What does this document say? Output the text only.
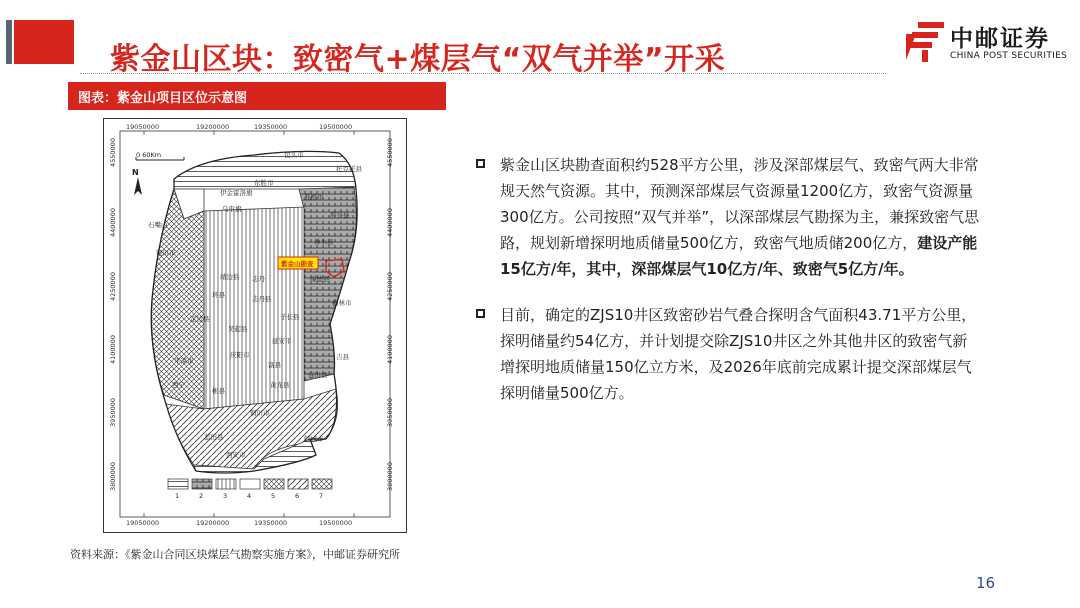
紫金山区块：致密气+煤层气“双气并举”开采
中邮证券
CHINA POST SECURITIES
图表：紫金山项目区位示意图
19050000	19200000	19350000	19500000
19050000	19200000	19350000	19500000
4550000
4400000
4250000
4100000
3950000
3800000
4550000
4400000
4250000
4100000
3950000
3800000
0 60Km
N
紫金山勘查
包头市
托克托县
伊金霍洛旗
东胜市
乌审旗
准格尔
府谷县
神木县
榆林市
绥德县
子长县
延安市
富县
宜川县
吉县
韩城市
黄龙县
铜川市
彬县
西宁
西安市
蓝田县
定边县
吴起县
庆阳市
平凉市
环县
银川市
靖边县
志丹县
志丹
石嘴山
1	2	3	4	5	6	7
紫金山区块勘查面积约528平方公里，涉及深部煤层气、致密气两大非常规天然气资源。其中，预测深部煤层气资源量1200亿方，致密气资源量300亿方。公司按照“双气并举”，以深部煤层气勘探为主，兼探致密气思路，规划新增探明地质储量500亿方，致密气地质储200亿方，建设产能15亿方/年，其中，深部煤层气10亿方/年、致密气5亿方/年。
目前，确定的ZJS10井区致密砂岩气叠合探明含气面积43.71平方公里，探明储量约54亿方，并计划提交除ZJS10井区之外其他井区的致密气新增探明地质储量150亿立方米，及2026年底前完成累计提交深部煤层气探明储量500亿方。
资料来源：《紫金山合同区块煤层气勘察实施方案》，中邮证券研究所
16
